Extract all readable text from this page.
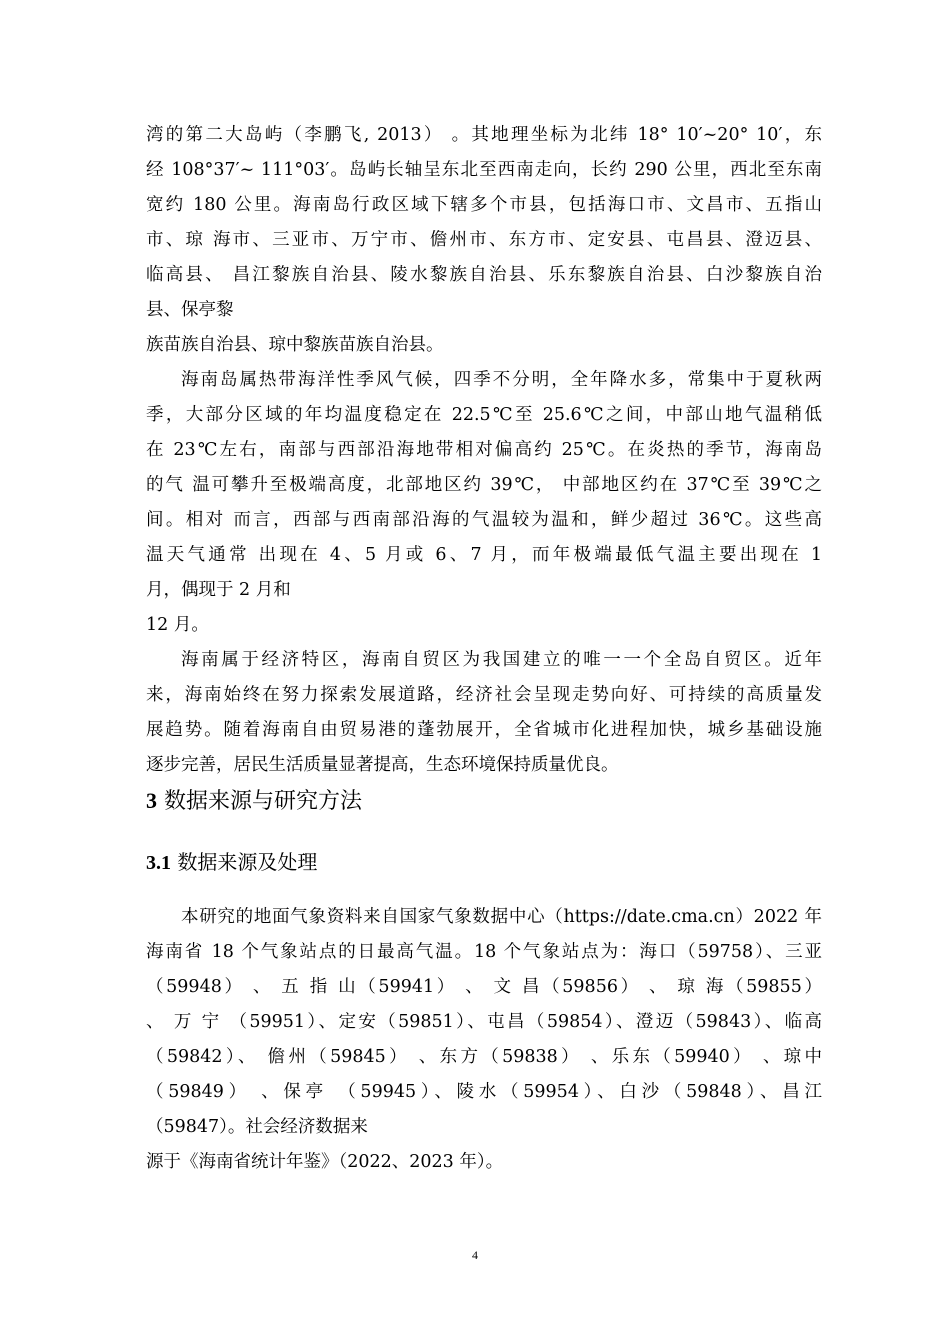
湾的第二大岛屿（李鹏飞, 2013） 。其地理坐标为北纬 18° 10′~20° 10′，东
经 108°37′~ 111°03′。岛屿长轴呈东北至西南走向，长约 290 公里，西北至东南
宽约 180 公里。海南岛行政区域下辖多个市县，包括海口市、文昌市、五指山
市、琼 海市、三亚市、万宁市、儋州市、东方市、定安县、屯昌县、澄迈县、
临高县、 昌江黎族自治县、陵水黎族自治县、乐东黎族自治县、白沙黎族自治
县、保亭黎
族苗族自治县、琼中黎族苗族自治县。

海南岛属热带海洋性季风气候，四季不分明，全年降水多，常集中于夏秋两
季，大部分区域的年均温度稳定在 22.5℃至 25.6℃之间，中部山地气温稍低
在 23℃左右，南部与西部沿海地带相对偏高约 25℃。在炎热的季节，海南岛
的气 温可攀升至极端高度，北部地区约 39℃， 中部地区约在 37℃至 39℃之
间。相对 而言，西部与西南部沿海的气温较为温和，鲜少超过 36℃。这些高
温天气通常 出现在 4、5 月或 6、7 月，而年极端最低气温主要出现在 1
月，偶现于 2 月和
12 月。

海南属于经济特区，海南自贸区为我国建立的唯一一个全岛自贸区。近年
来，海南始终在努力探索发展道路，经济社会呈现走势向好、可持续的高质量发
展趋势。随着海南自由贸易港的蓬勃展开，全省城市化进程加快，城乡基础设施
逐步完善，居民生活质量显著提高，生态环境保持质量优良。

3 数据来源与研究方法
3.1 数据来源及处理

本研究的地面气象资料来自国家气象数据中心（https://date.cma.cn）2022 年
海南省 18 个气象站点的日最高气温。18 个气象站点为：海口（59758）、三亚
（59948） 、 五 指 山（59941） 、 文 昌（59856） 、 琼 海（59855）
、 万 宁 （59951）、定安（59851）、屯昌（59854）、澄迈（59843）、临高
（59842）、 儋州（59845） 、东方（59838） 、乐东（59940） 、琼中
（59849） 、保亭 （59945）、陵水（59954）、白沙（59848）、昌江
（59847）。社会经济数据来
源于《海南省统计年鉴》（2022、2023 年）。

4
